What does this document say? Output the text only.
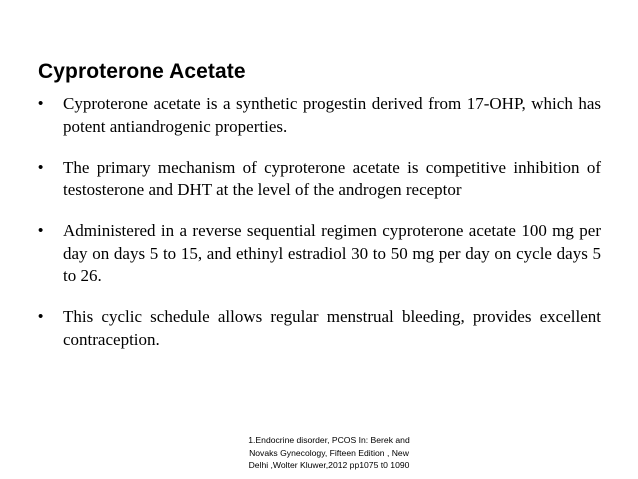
Cyproterone Acetate
•	Cyproterone acetate is a synthetic progestin derived from 17-OHP, which has potent antiandrogenic properties.
•	The primary mechanism of cyproterone acetate is competitive inhibition of testosterone and DHT at the level of the androgen receptor
•	Administered in a reverse sequential regimen cyproterone acetate 100 mg per day on days 5 to 15, and ethinyl estradiol 30 to 50 mg per day on cycle days 5 to 26.
•	This cyclic schedule allows regular menstrual bleeding, provides excellent contraception.
1.Endocrine disorder, PCOS In: Berek and
Novaks Gynecology, Fifteen Edition , New
Delhi ,Wolter Kluwer,2012 pp1075 t0 1090
